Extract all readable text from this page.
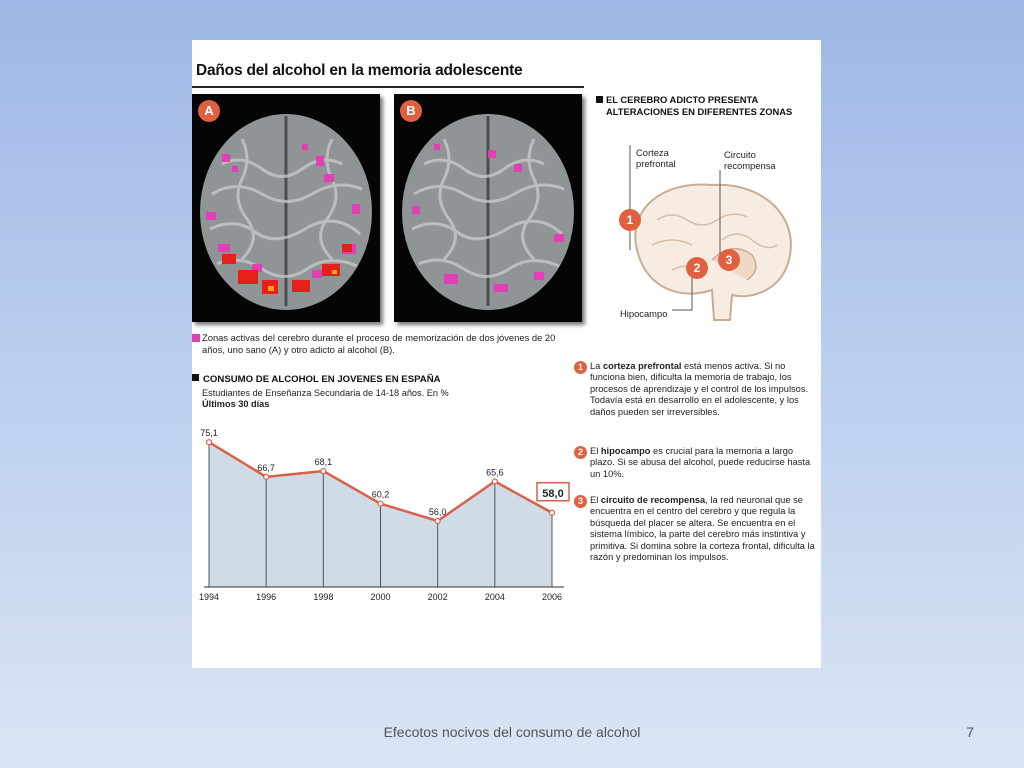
Daños del alcohol en la memoria adolescente
A	B
Zonas activas del cerebro durante el proceso de memorización de dos jóvenes de 20 años, uno sano (A) y otro adicto al alcohol (B).
EL CEREBRO ADICTO PRESENTA ALTERACIONES EN DIFERENTES ZONAS
1
2
3
Corteza prefrontal
Circuito recompensa
Hipocampo
CONSUMO DE ALCOHOL EN JOVENES EN ESPAÑA
Estudiantes de Enseñanza Secundaria de 14-18 años. En %
Últimos 30 días
75,1
66,7
68,1
60,2
56,0
65,6
58,0
1994	1996	1998	2000	2002	2004	2006
1 La corteza prefrontal está menos activa. Si no funciona bien, dificulta la memoria de trabajo, los procesos de aprendizaje y el control de los impulsos. Todavía está en desarrollo en el adolescente, y los daños pueden ser irreversibles.
2 El hipocampo es crucial para la memoria a largo plazo. Si se abusa del alcohol, puede reducirse hasta un 10%.
3 El circuito de recompensa, la red neuronal que se encuentra en el centro del cerebro y que regula la búsqueda del placer se altera. Se encuentra en el sistema límbico, la parte del cerebro más instintiva y primitiva. Si domina sobre la corteza frontal, dificulta la razón y predominan los impulsos.
Efecotos nocivos del consumo de alcohol	7
